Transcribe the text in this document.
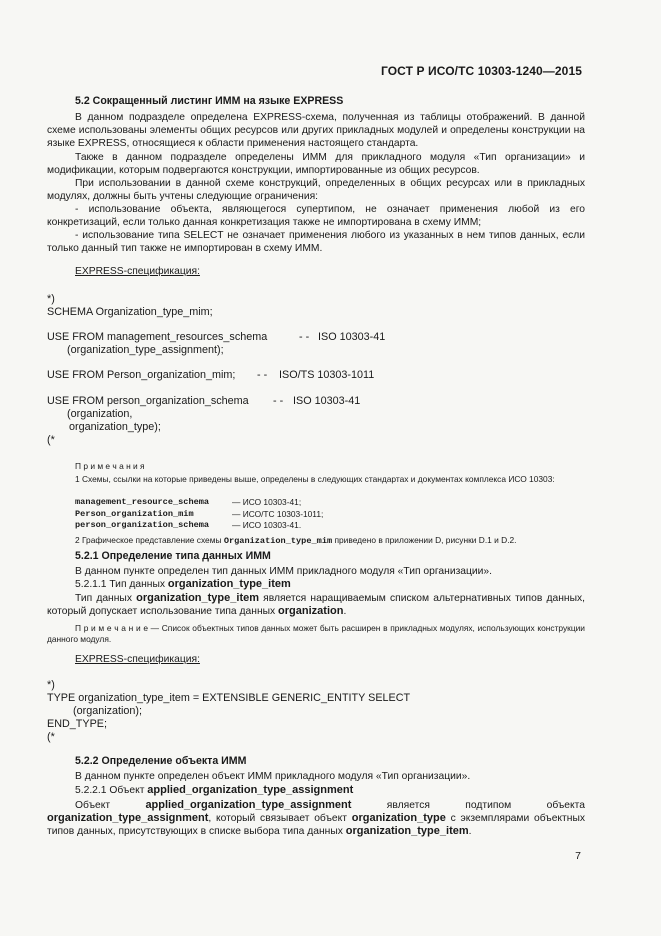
ГОСТ Р ИСО/ТС 10303-1240—2015
5.2 Сокращенный листинг ИММ на языке EXPRESS
В данном подразделе определена EXPRESS-схема, полученная из таблицы отображений. В данной схеме использованы элементы общих ресурсов или других прикладных модулей и определены конструкции на языке EXPRESS, относящиеся к области применения настоящего стандарта.
Также в данном подразделе определены ИММ для прикладного модуля «Тип организации» и модификации, которым подвергаются конструкции, импортированные из общих ресурсов.
При использовании в данной схеме конструкций, определенных в общих ресурсах или в прикладных модулях, должны быть учтены следующие ограничения:
- использование объекта, являющегося супертипом, не означает применения любой из его конкретизаций, если только данная конкретизация также не импортирована в схему ИММ;
- использование типа SELECT не означает применения любого из указанных в нем типов данных, если только данный тип также не импортирован в схему ИММ.
EXPRESS-спецификация:
*)
SCHEMA Organization_type_mim;
USE FROM management_resources_schema	- - ISO 10303-41
(organization_type_assignment);
USE FROM Person_organization_mim; - - ISO/TS 10303-1011
USE FROM person_organization_schema - - ISO 10303-41
(organization,
organization_type);
(*
П р и м е ч а н и я
1 Схемы, ссылки на которые приведены выше, определены в следующих стандартах и документах комплекса ИСО 10303:
management_resource_schema	— ИСО 10303-41;
Person_organization_mim	— ИСО/ТС 10303-1011;
person_organization_schema	— ИСО 10303-41.
2 Графическое представление схемы Organization_type_mim приведено в приложении D, рисунки D.1 и D.2.
5.2.1 Определение типа данных ИММ
В данном пункте определен тип данных ИММ прикладного модуля «Тип организации».
5.2.1.1 Тип данных organization_type_item
Тип данных organization_type_item является наращиваемым списком альтернативных типов данных, который допускает использование типа данных organization.
П р и м е ч а н и е — Список объектных типов данных может быть расширен в прикладных модулях, использующих конструкции данного модуля.
EXPRESS-спецификация:
*)
TYPE organization_type_item = EXTENSIBLE GENERIC_ENTITY SELECT
(organization);
END_TYPE;
(*
5.2.2 Определение объекта ИММ
В данном пункте определен объект ИММ прикладного модуля «Тип организации».
5.2.2.1 Объект applied_organization_type_assignment
Объект applied_organization_type_assignment является подтипом объекта organization_type_assignment, который связывает объект organization_type с экземплярами объектных типов данных, присутствующих в списке выбора типа данных organization_type_item.
7
